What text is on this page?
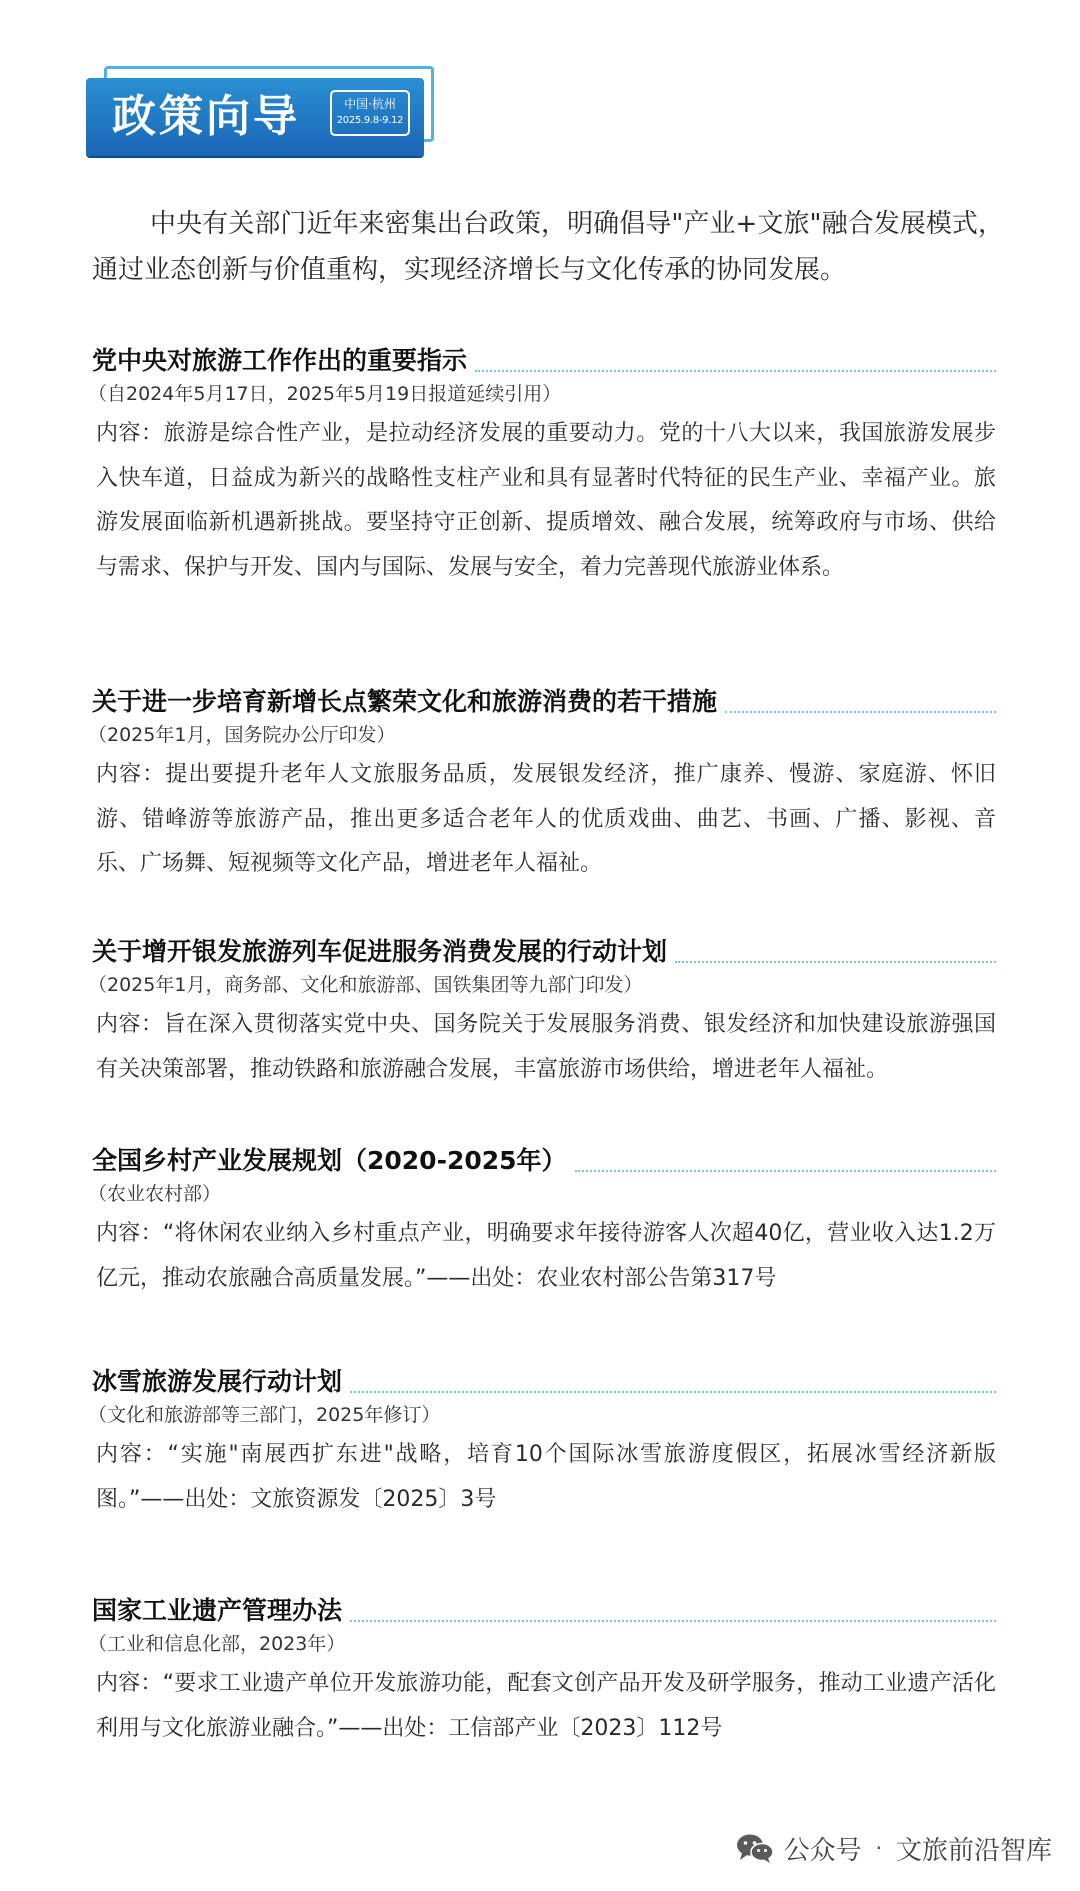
政策向导	中国·杭州
2025.9.8-9.12
中央有关部门近年来密集出台政策，明确倡导"产业+文旅"融合发展模式，通过业态创新与价值重构，实现经济增长与文化传承的协同发展。
党中央对旅游工作作出的重要指示
（自2024年5月17日，2025年5月19日报道延续引用）
内容：旅游是综合性产业，是拉动经济发展的重要动力。党的十八大以来，我国旅游发展步入快车道，日益成为新兴的战略性支柱产业和具有显著时代特征的民生产业、幸福产业。旅游发展面临新机遇新挑战。要坚持守正创新、提质增效、融合发展，统筹政府与市场、供给与需求、保护与开发、国内与国际、发展与安全，着力完善现代旅游业体系。
关于进一步培育新增长点繁荣文化和旅游消费的若干措施
（2025年1月，国务院办公厅印发）
内容：提出要提升老年人文旅服务品质，发展银发经济，推广康养、慢游、家庭游、怀旧游、错峰游等旅游产品，推出更多适合老年人的优质戏曲、曲艺、书画、广播、影视、音乐、广场舞、短视频等文化产品，增进老年人福祉。
关于增开银发旅游列车促进服务消费发展的行动计划
（2025年1月，商务部、文化和旅游部、国铁集团等九部门印发）
内容：旨在深入贯彻落实党中央、国务院关于发展服务消费、银发经济和加快建设旅游强国有关决策部署，推动铁路和旅游融合发展，丰富旅游市场供给，增进老年人福祉。
全国乡村产业发展规划（2020-2025年）
（农业农村部）
内容：“将休闲农业纳入乡村重点产业，明确要求年接待游客人次超40亿，营业收入达1.2万亿元，推动农旅融合高质量发展。”——出处：农业农村部公告第317号
冰雪旅游发展行动计划
（文化和旅游部等三部门，2025年修订）
内容：“实施"南展西扩东进"战略，培育10个国际冰雪旅游度假区，拓展冰雪经济新版图。”——出处：文旅资源发〔2025〕3号
国家工业遗产管理办法
（工业和信息化部，2023年）
内容：“要求工业遗产单位开发旅游功能，配套文创产品开发及研学服务，推动工业遗产活化利用与文化旅游业融合。”——出处：工信部产业〔2023〕112号
公众号 · 文旅前沿智库
